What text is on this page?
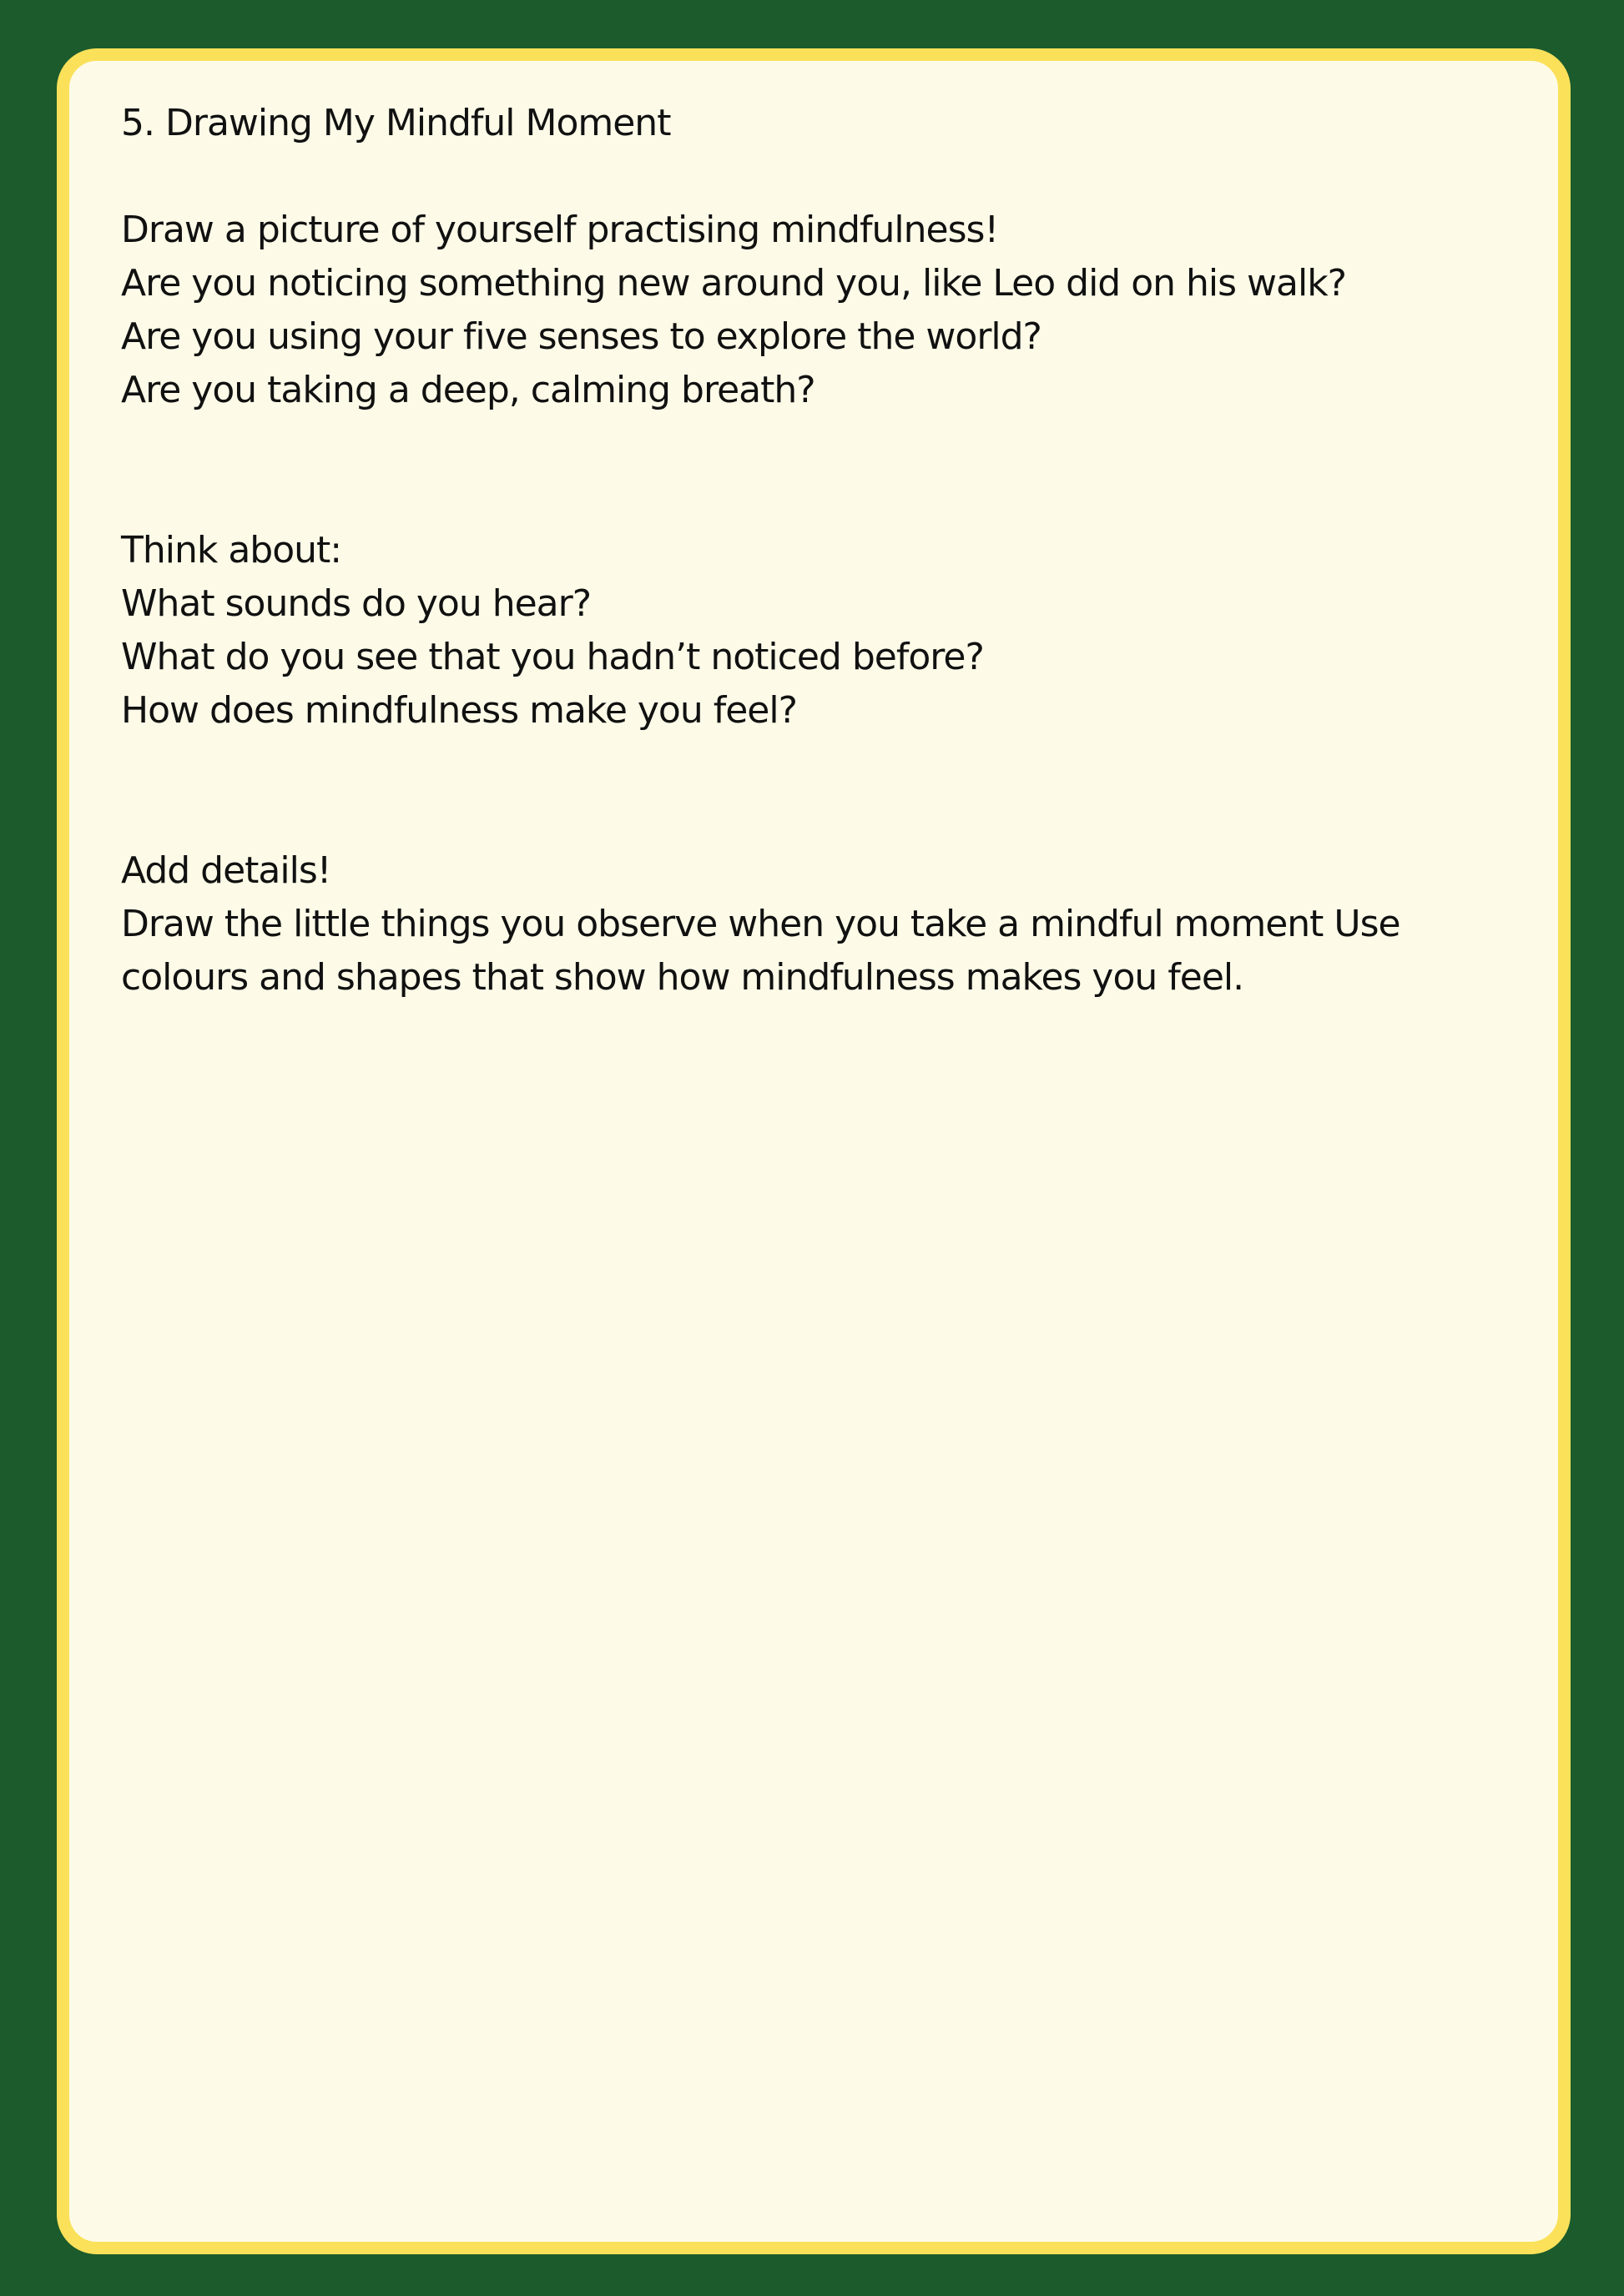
5. Drawing My Mindful Moment

Draw a picture of yourself practising mindfulness!

Are you noticing something new around you, like Leo did on his walk?

Are you using your five senses to explore the world?

Are you taking a deep, calming breath?

Think about:

What sounds do you hear?

What do you see that you hadn’t noticed before?

How does mindfulness make you feel?

Add details!

Draw the little things you observe when you take a mindful moment Use colours and shapes that show how mindfulness makes you feel.
